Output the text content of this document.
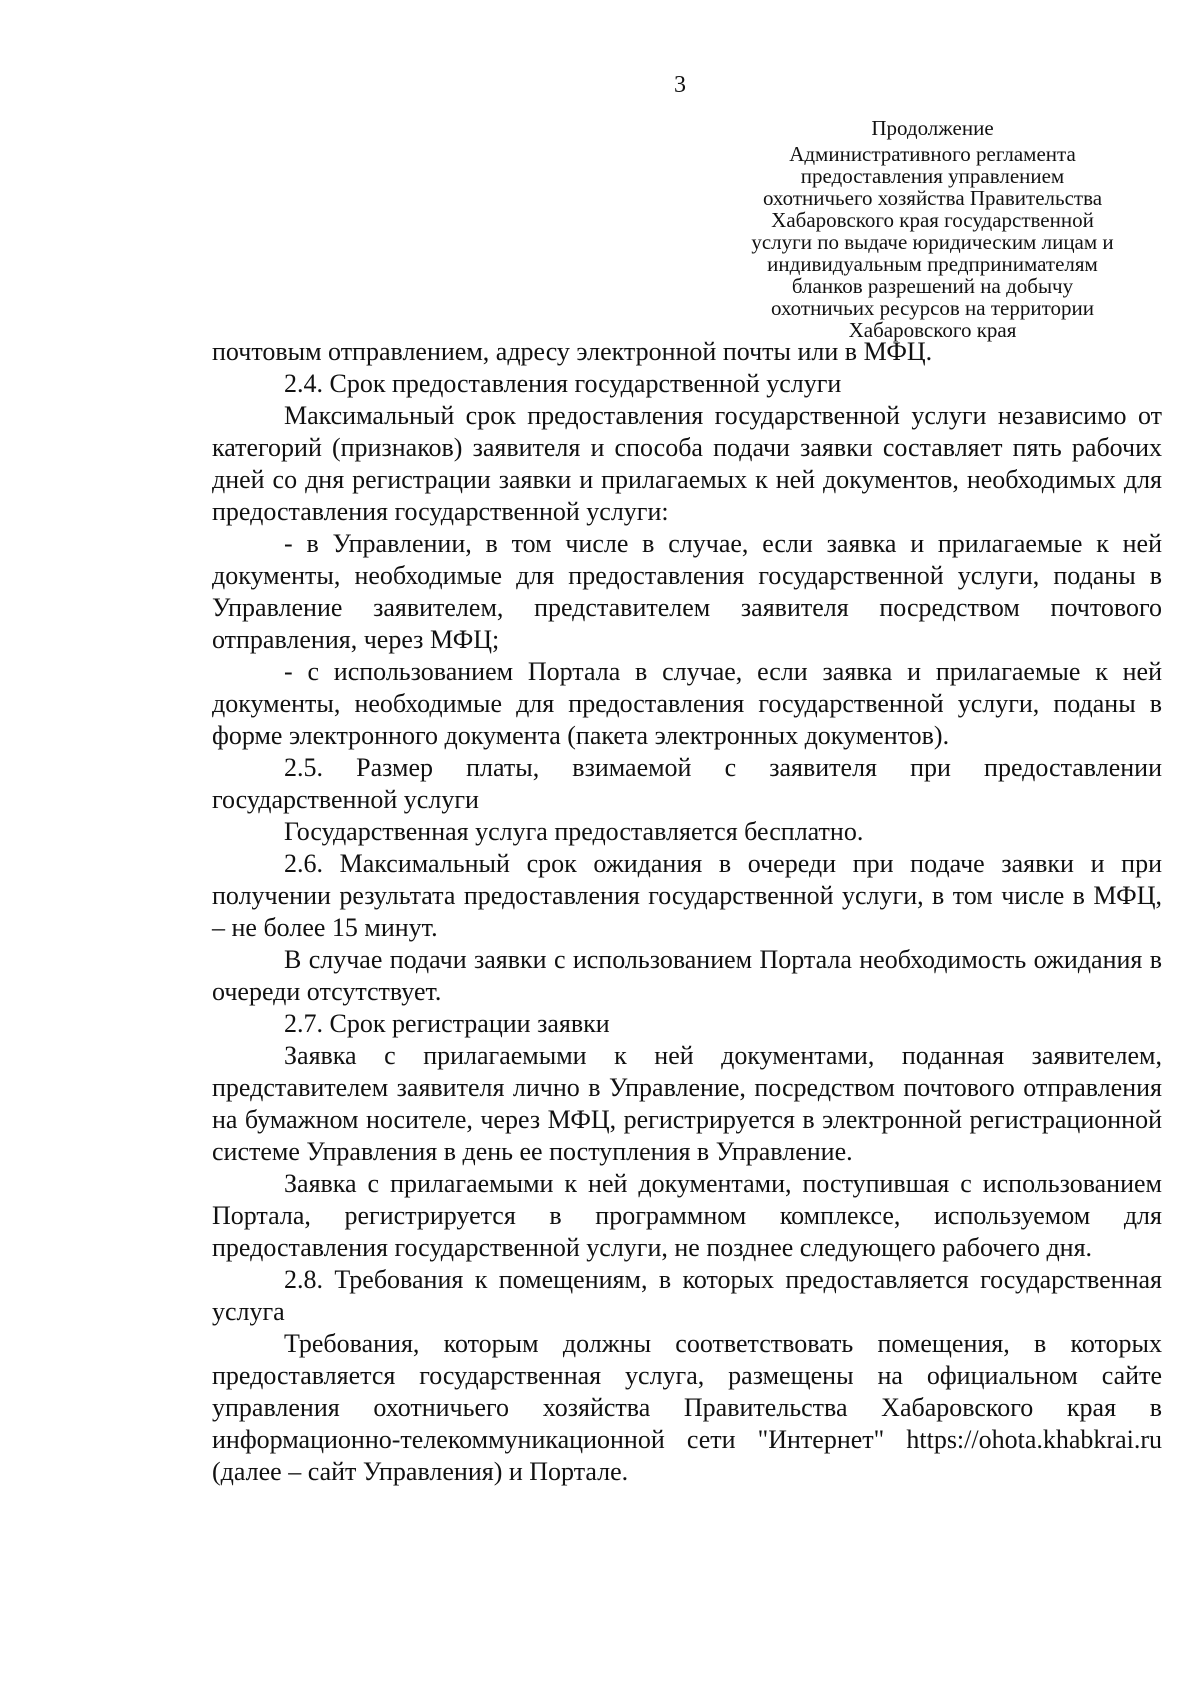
3
Продолжение
Административного регламента
предоставления управлением
охотничьего хозяйства Правительства
Хабаровского края государственной
услуги по выдаче юридическим лицам и
индивидуальным предпринимателям
бланков разрешений на добычу
охотничьих ресурсов на территории
Хабаровского края

почтовым отправлением, адресу электронной почты или в МФЦ.

2.4. Срок предоставления государственной услуги

Максимальный срок предоставления государственной услуги независимо от категорий (признаков) заявителя и способа подачи заявки составляет пять рабочих дней со дня регистрации заявки и прилагаемых к ней документов, необходимых для предоставления государственной услуги:

- в Управлении, в том числе в случае, если заявка и прилагаемые к ней документы, необходимые для предоставления государственной услуги, поданы в Управление заявителем, представителем заявителя посредством почтового отправления, через МФЦ;

- с использованием Портала в случае, если заявка и прилагаемые к ней документы, необходимые для предоставления государственной услуги, поданы в форме электронного документа (пакета электронных документов).

2.5. Размер платы, взимаемой с заявителя при предоставлении государственной услуги

Государственная услуга предоставляется бесплатно.

2.6. Максимальный срок ожидания в очереди при подаче заявки и при получении результата предоставления государственной услуги, в том числе в МФЦ, – не более 15 минут.

В случае подачи заявки с использованием Портала необходимость ожидания в очереди отсутствует.

2.7. Срок регистрации заявки

Заявка с прилагаемыми к ней документами, поданная заявителем, представителем заявителя лично в Управление, посредством почтового отправления на бумажном носителе, через МФЦ, регистрируется в электронной регистрационной системе Управления в день ее поступления в Управление.

Заявка с прилагаемыми к ней документами, поступившая с использованием Портала, регистрируется в программном комплексе, используемом для предоставления государственной услуги, не позднее следующего рабочего дня.

2.8. Требования к помещениям, в которых предоставляется государственная услуга

Требования, которым должны соответствовать помещения, в которых предоставляется государственная услуга, размещены на официальном сайте управления охотничьего хозяйства Правительства Хабаровского края в информационно-телекоммуникационной сети "Интернет" https://ohota.khabkrai.ru (далее – сайт Управления) и Портале.
